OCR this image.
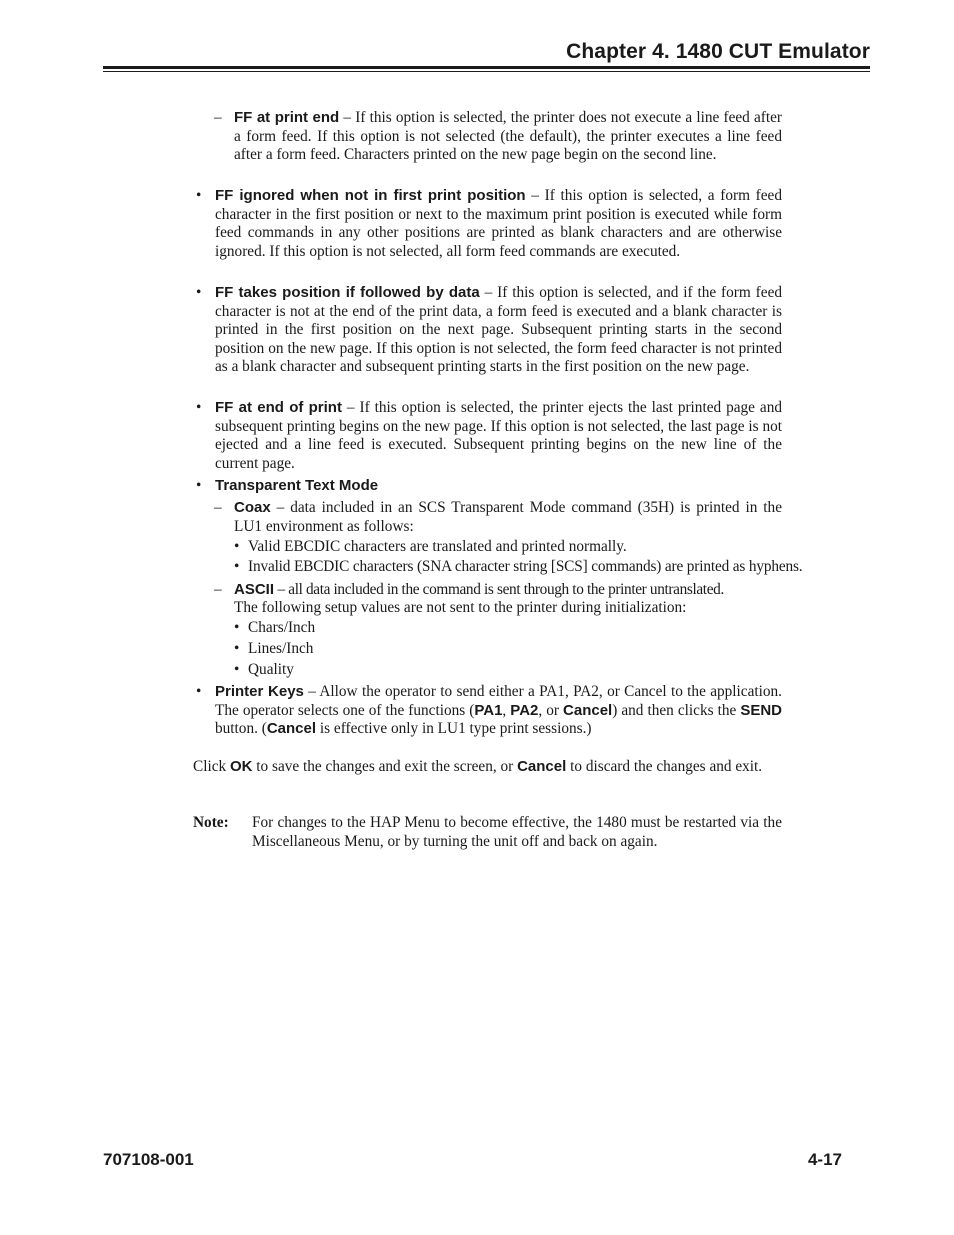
Chapter 4. 1480 CUT Emulator
– FF at print end – If this option is selected, the printer does not execute a line feed after a form feed. If this option is not selected (the default), the printer executes a line feed after a form feed. Characters printed on the new page begin on the second line.
• FF ignored when not in first print position – If this option is selected, a form feed character in the first position or next to the maximum print position is executed while form feed commands in any other positions are printed as blank characters and are otherwise ignored. If this option is not selected, all form feed commands are executed.
• FF takes position if followed by data – If this option is selected, and if the form feed character is not at the end of the print data, a form feed is executed and a blank character is printed in the first position on the next page. Subsequent printing starts in the second position on the new page. If this option is not selected, the form feed character is not printed as a blank character and subsequent printing starts in the first position on the new page.
• FF at end of print – If this option is selected, the printer ejects the last printed page and subsequent printing begins on the new page. If this option is not selected, the last page is not ejected and a line feed is executed. Subsequent printing begins on the new line of the current page.
• Transparent Text Mode
– Coax – data included in an SCS Transparent Mode command (35H) is printed in the LU1 environment as follows:
• Valid EBCDIC characters are translated and printed normally.
• Invalid EBCDIC characters (SNA character string [SCS] commands) are printed as hyphens.
– ASCII – all data included in the command is sent through to the printer untranslated.
The following setup values are not sent to the printer during initialization:
• Chars/Inch
• Lines/Inch
• Quality
• Printer Keys – Allow the operator to send either a PA1, PA2, or Cancel to the application. The operator selects one of the functions (PA1, PA2, or Cancel) and then clicks the SEND button. (Cancel is effective only in LU1 type print sessions.)
Click OK to save the changes and exit the screen, or Cancel to discard the changes and exit.
Note: For changes to the HAP Menu to become effective, the 1480 must be restarted via the Miscellaneous Menu, or by turning the unit off and back on again.
707108-001	4-17
